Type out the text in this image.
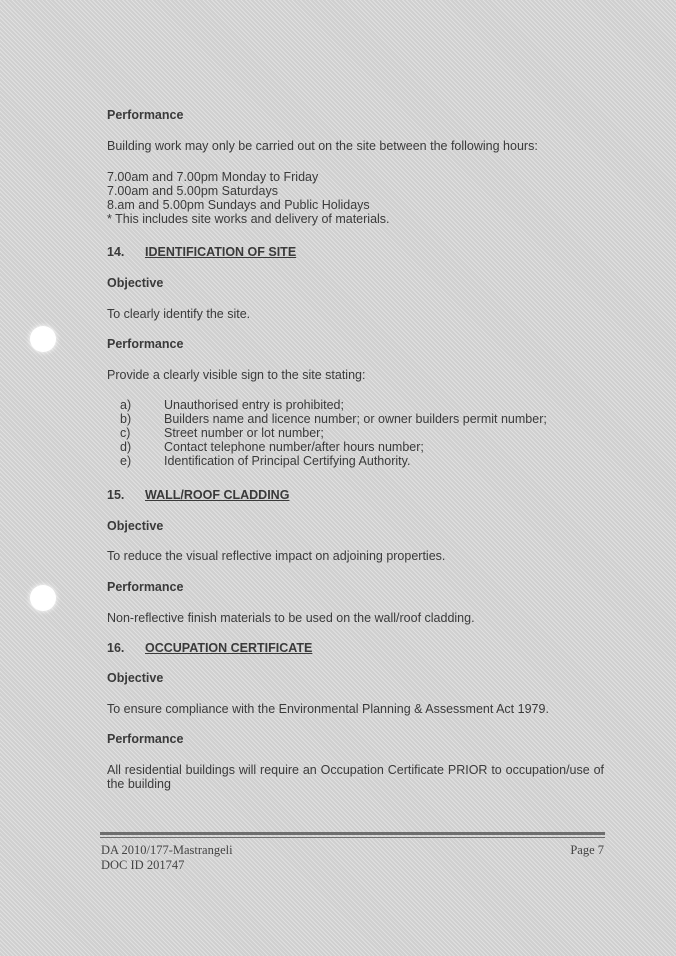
Performance
Building work may only be carried out on the site between the following hours:
7.00am and 7.00pm Monday to Friday
7.00am and 5.00pm Saturdays
8.am and 5.00pm Sundays and Public Holidays
* This includes site works and delivery of materials.
14. IDENTIFICATION OF SITE
Objective
To clearly identify the site.
Performance
Provide a clearly visible sign to the site stating:
a)	Unauthorised entry is prohibited;
b)	Builders name and licence number; or owner builders permit number;
c)	Street number or lot number;
d)	Contact telephone number/after hours number;
e)	Identification of Principal Certifying Authority.
15. WALL/ROOF CLADDING
Objective
To reduce the visual reflective impact on adjoining properties.
Performance
Non-reflective finish materials to be used on the wall/roof cladding.
16. OCCUPATION CERTIFICATE
Objective
To ensure compliance with the Environmental Planning & Assessment Act 1979.
Performance
All residential buildings will require an Occupation Certificate PRIOR to occupation/use of the building
DA 2010/177-Mastrangeli
DOC ID 201747
Page 7
